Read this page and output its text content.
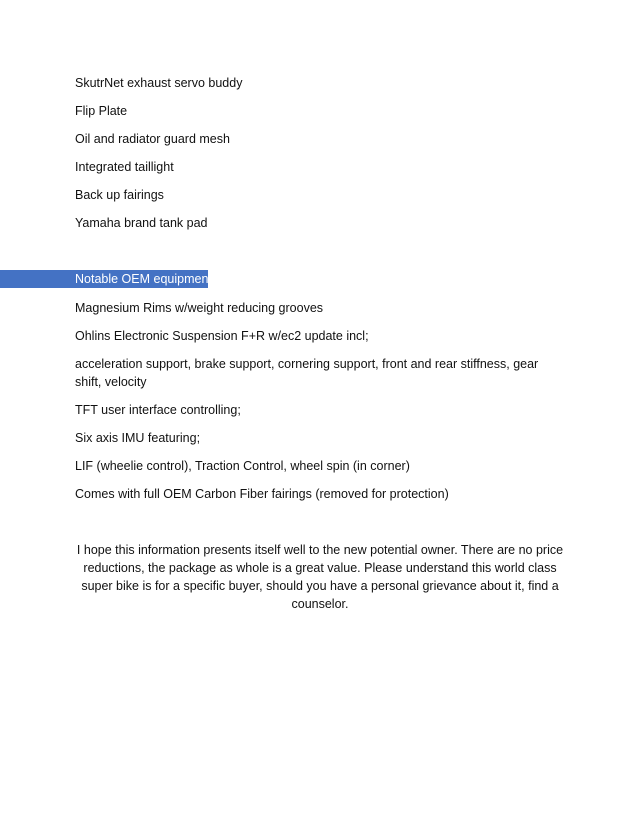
SkutrNet exhaust servo buddy
Flip Plate
Oil and radiator guard mesh
Integrated taillight
Back up fairings
Yamaha brand tank pad
Notable OEM equipment:
Magnesium Rims w/weight reducing grooves
Ohlins Electronic Suspension F+R w/ec2 update incl;
acceleration support, brake support, cornering support, front and rear stiffness, gear shift, velocity
TFT user interface controlling;
Six axis IMU featuring;
LIF (wheelie control), Traction Control, wheel spin (in corner)
Comes with full OEM Carbon Fiber fairings (removed for protection)
I hope this information presents itself well to the new potential owner. There are no price reductions, the package as whole is a great value. Please understand this world class super bike is for a specific buyer, should you have a personal grievance about it, find a counselor.
